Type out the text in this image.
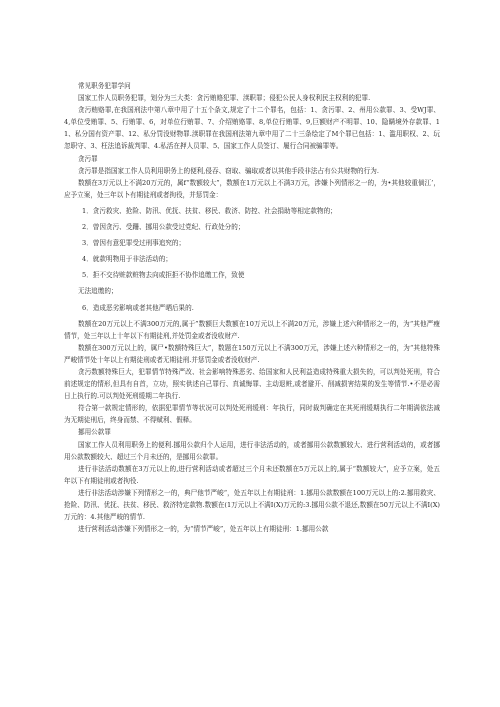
常见职务犯罪学问

国家工作人员职务犯罪，划分为三大类：贪污贿赂犯罪、渎职罪；侵犯公民人身权利民主权利的犯罪.

贪污贿赂罪,在我国刑法中第八章中用了十五个条文,规定了十二个罪名，包括：1、贪污罪、2、州用公款罪、3、受WJ罪、4,单位受贿罪、5、行贿罪、6，对单位行贿罪、7、介绍贿赂罪、8,单位行贿罪、9,巨额财产不明罪、10、隐瞒境外存款罪、11、私分国有资产罪、12、私分罚没财物罪.渎职罪在我国刑法第九章中用了二十三条绘定了M个罪已包括：1、滥用职权、2、玩忽职守、3、枉法追诉裁判罪、4.私活在押人员罪、5、国家工作人员签订、履行合同被骗罪等。

贪污罪

贪污罪是指国家工作人员利用职务上的便利,侵吞、窃取、骗取或者以其他手段非法占有公共财物的行为.

数额在3万元以上不满20万元的，属f“数额较大”，数额在1万元以上不满3万元，涉嫌卜列情形之一的，为•其他较重倘江’，应予立案，处三年以卜有期徒刑或者拘役，并惩罚金：

1．贪污救灾、抢险、防汛、优抚、扶贫、移民、救济、防控、社会捐助等相定款物的；

2．曾因贪污、受跚、挪用公款受过党纪、行政处分的；

3．曾因有意犯罪受过刑事追究的；

4．就款明物用于非法活动的；

5．拒不交待赃款赃物去向或拒拒不协作追缴工作，致使

无法追缴的；

6．造成恶劣影响或者其他严晒后果的.

数额在20万元以上不满300万元的,属于”数额巨大数额在10万元以上不满20万元，涉嫌上述六种情形之一的，为“其他严瘦情节，处三年以上十年以下有期徒刑,并处罚金或者没收财产.

数额在300万元以上的，属尸•数额特殊巨大”，数题在150万元以上不满300万元，涉嫌上述六种情形之一的，为“其他特殊严峻情节处十年以上有期徒刑或者无期徒刑.并惩罚金或者没收财产.

贪污数额特殊巨大，犯罪情节特殊严改、社会影响特殊恶劣、给国家和人民利益造成特殊重大损失的，可以判处死刑，符合前述规定的情形,但具有自首，立功，照实供述自己罪行、真诚悔罪、主动退赃,或者避开、削减损害结果的发生等情节.•不是必需日上执行的.可以判处死刑缓期二年执行.

符合第一款规定情形的，依据犯罪情节等状况可以判处死刑缓刑：年执行，同时裁判确定在其死刑缓期执行二年期满依法减为无期徒刑后，终身而禁、不得赋利、假释。

挪用公款罪

国家工作人员利用职务上的便利.挪用公款归个人运用，进行非法活动的，或者挪用公款数额较大、进行营利活动的，或者挪用公款数额较大、超过三个月未还的，是挪用公款罪。

进行非法活动数额在3万元以上的,进行营利活动或者超过三个月未还数额在5万元以上的,属于“数额较大”，应予立案，处五年以下有期徒刑或者拘役.

进行非法活动涉嫌下列情形之一的，典尸他节严峻“，处五年以上有期徒刑：1.挪用公款数额在100万元以上的:2.挪用救灾、抢险、防汛、优抚、扶贫、移民、救济特定款物.数额在(1万元以上不满I(X)万元的:3.挪用公款不退还,数额在50万元以上不满I(X)万元的：4.其他严岐的情节.

进行营利活动涉嫌下列情形之一的，为“情节严峻”，处五年以上有期徒刑：1.挪用公款
